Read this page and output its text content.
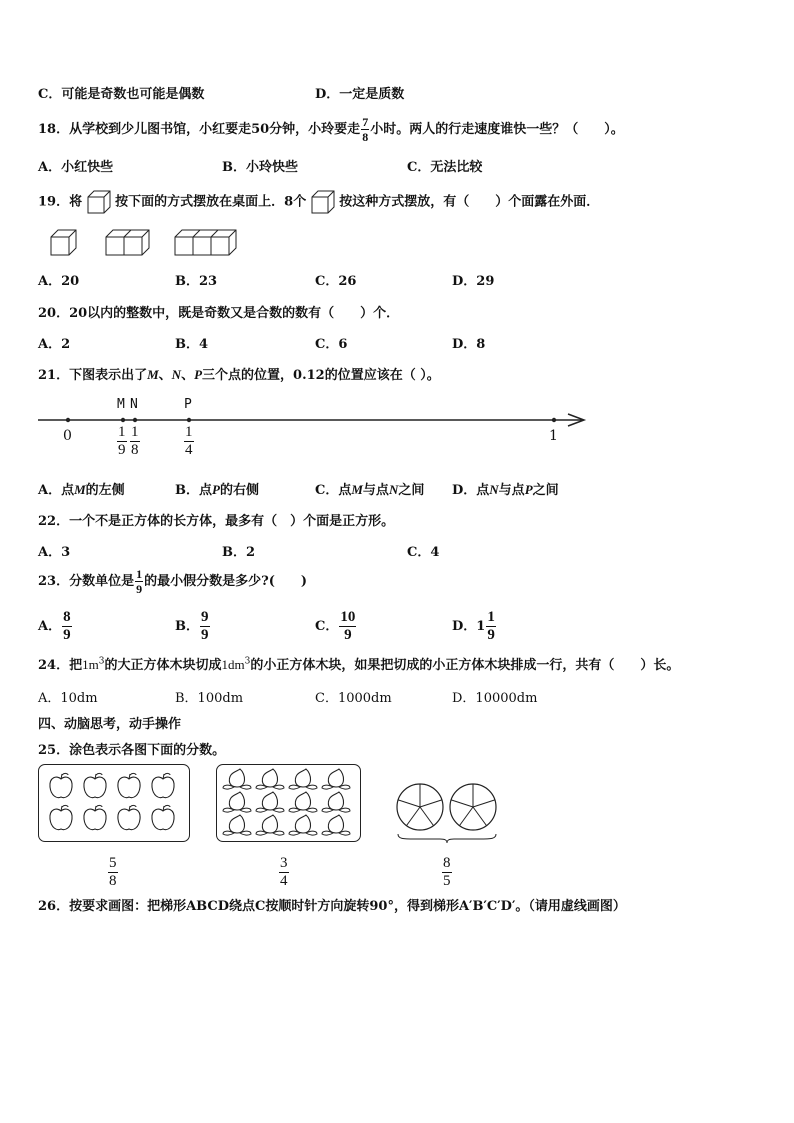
C．可能是奇数也可能是偶数	D．一定是质数
18．从学校到少儿图书馆，小红要走50分钟，小玲要走 $\frac{7}{8}$ 小时。两人的行走速度谁快一些？（　　）。
A．小红快些	B．小玲快些	C．无法比较
19．将	按下面的方式摆放在桌面上．8个	按这种方式摆放，有（　　）个面露在外面．
A．20	B．23	C．26	D．29
20．20以内的整数中，既是奇数又是合数的数有（　　）个．
A．2	B．4	C．6	D．8
21．下图表示出了M、N、P三个点的位置，0.12的位置应该在（ ）。
M N	P
0	1
$\frac{1}{9} \frac{1}{8}$	$\frac{1}{4}$
A．点M的左侧	B．点P的右侧	C．点M与点N之间 D．点N与点P之间
22．一个不是正方体的长方体，最多有（　）个面是正方形。
A．3	B．2	C．4
23．分数单位是 $\frac{1}{9}$ 的最小假分数是多少?(　　)
A． $\frac{8}{9}$	B． $\frac{9}{9}$	C． $\frac{10}{9}$	D．$1 \frac{1}{9}$
24．把$1m^3$的大正方体木块切成$1dm^3$的小正方体木块，如果把切成的小正方体木块排成一行，共有（　　）长。
A．10dm	B．100dm	C．1000dm	D．10000dm
四、动脑思考，动手操作
25．涂色表示各图下面的分数。
$\frac{5}{8}$	$\frac{3}{4}$	$\frac{8}{5}$
26．按要求画图：把梯形ABCD绕点C按顺时针方向旋转90°，得到梯形A′B′C′D′。（请用虚线画图）
